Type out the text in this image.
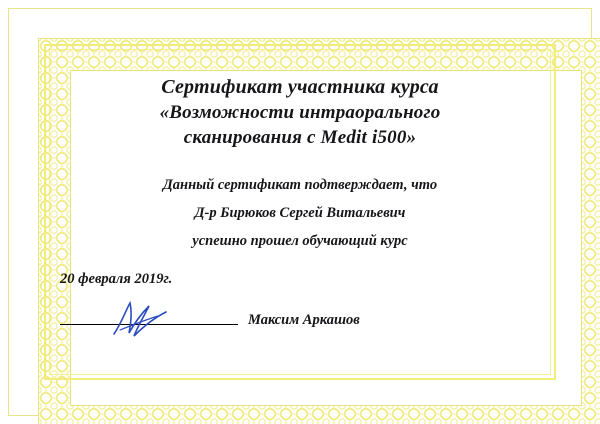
Сертификат участника курса
«Возможности интраорального
сканирования с Medit i500»
Данный сертификат подтверждает, что
Д-р Бирюков Сергей Витальевич
успешно прошел обучающий курс
20 февраля 2019г.
Максим Аркашов
